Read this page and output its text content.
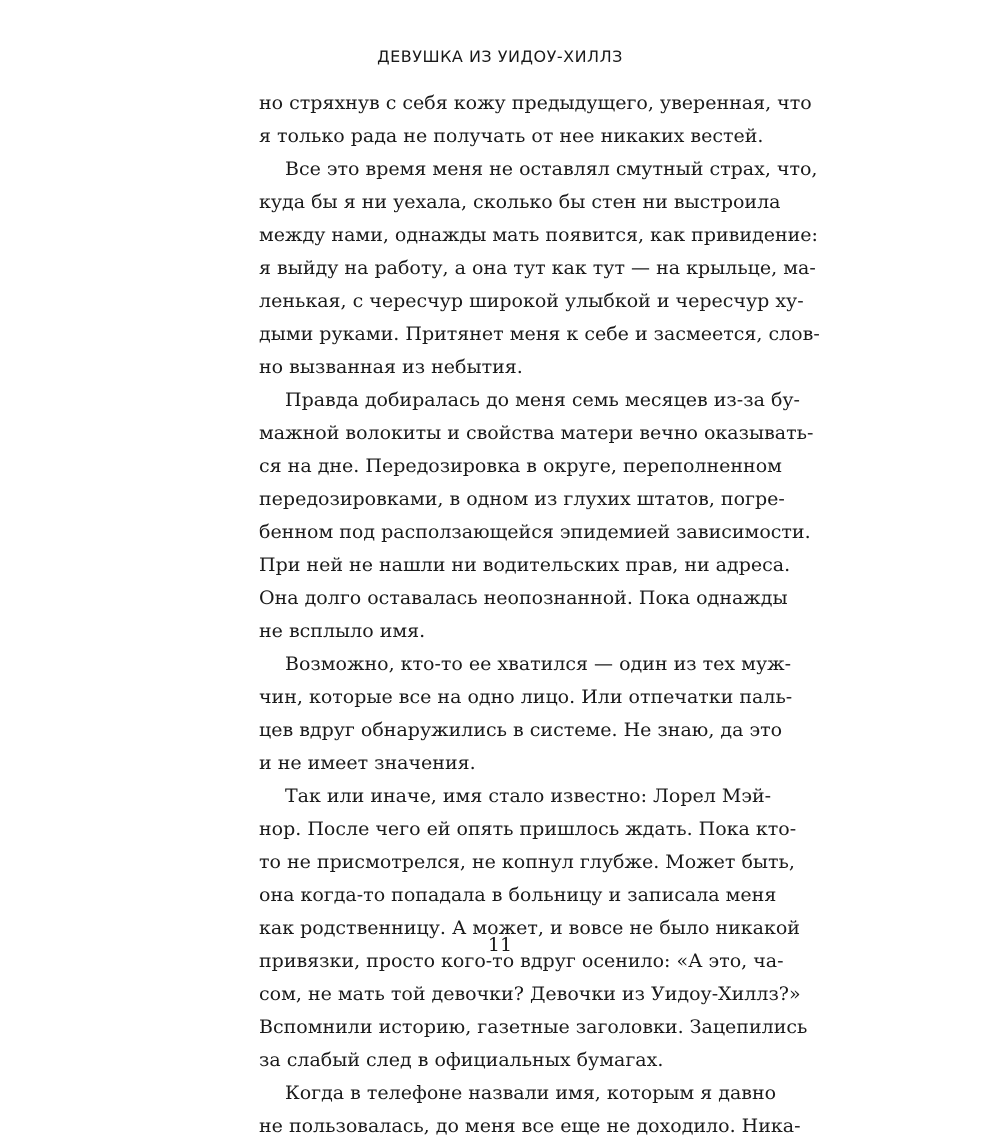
ДЕВУШКА ИЗ УИДОУ-ХИЛЛЗ
но стряхнув с себя кожу предыдущего, уверенная, что
я только рада не получать от нее никаких вестей.
Все это время меня не оставлял смутный страх, что,
куда бы я ни уехала, сколько бы стен ни выстроила
между нами, однажды мать появится, как привидение:
я выйду на работу, а она тут как тут — на крыльце, ма-
ленькая, с чересчур широкой улыбкой и чересчур ху-
дыми руками. Притянет меня к себе и засмеется, слов-
но вызванная из небытия.
Правда добиралась до меня семь месяцев из-за бу-
мажной волокиты и свойства матери вечно оказывать-
ся на дне. Передозировка в округе, переполненном
передозировками, в одном из глухих штатов, погре-
бенном под расползающейся эпидемией зависимости.
При ней не нашли ни водительских прав, ни адреса.
Она долго оставалась неопознанной. Пока однажды
не всплыло имя.
Возможно, кто-то ее хватился — один из тех муж-
чин, которые все на одно лицо. Или отпечатки паль-
цев вдруг обнаружились в системе. Не знаю, да это
и не имеет значения.
Так или иначе, имя стало известно: Лорел Мэй-
нор. После чего ей опять пришлось ждать. Пока кто-
то не присмотрелся, не копнул глубже. Может быть,
она когда-то попадала в больницу и записала меня
как родственницу. А может, и вовсе не было никакой
привязки, просто кого-то вдруг осенило: «А это, ча-
сом, не мать той девочки? Девочки из Уидоу-Хиллз?»
Вспомнили историю, газетные заголовки. Зацепились
за слабый след в официальных бумагах.
Когда в телефоне назвали имя, которым я давно
не пользовалась, до меня все еще не доходило. Ника-
11
